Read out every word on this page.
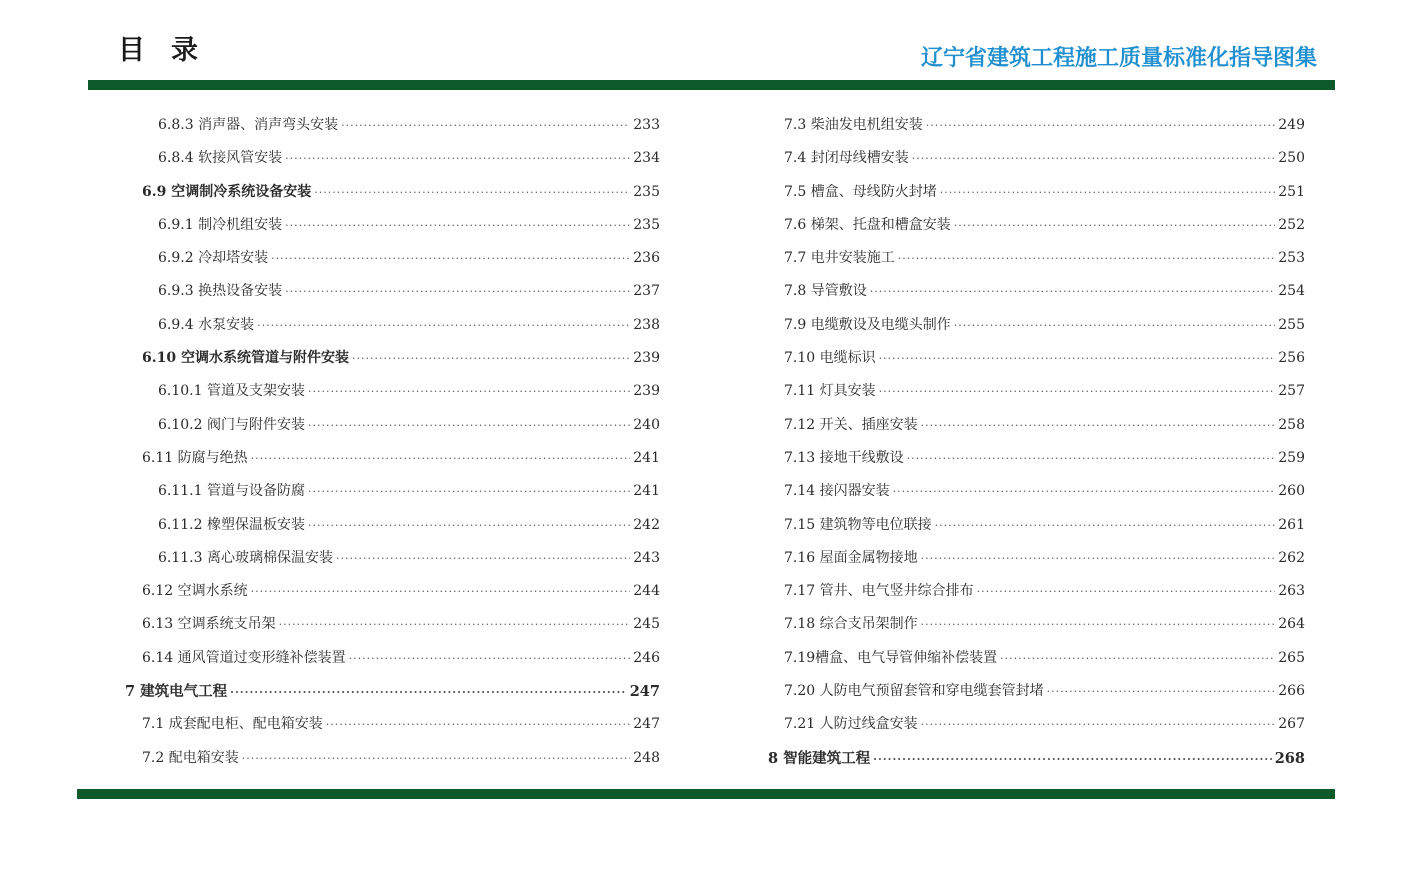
目录	辽宁省建筑工程施工质量标准化指导图集
6.8.3 消声器、消声弯头安装 ·····	233
6.8.4 软接风管安装 ·····	234
6.9 空调制冷系统设备安装 ·····	235
6.9.1 制冷机组安装 ·····	235
6.9.2 冷却塔安装 ·····	236
6.9.3 换热设备安装 ·····	237
6.9.4 水泵安装 ·····	238
6.10 空调水系统管道与附件安装 ·····	239
6.10.1 管道及支架安装 ·····	239
6.10.2 阀门与附件安装 ·····	240
6.11 防腐与绝热 ·····	241
6.11.1 管道与设备防腐 ·····	241
6.11.2 橡塑保温板安装 ·····	242
6.11.3 离心玻璃棉保温安装 ·····	243
6.12 空调水系统 ·····	244
6.13 空调系统支吊架 ·····	245
6.14 通风管道过变形缝补偿装置 ·····	246
7 建筑电气工程 ·····	247
7.1 成套配电柜、配电箱安装 ·····	247
7.2 配电箱安装 ·····	248
7.3 柴油发电机组安装 ·····	249
7.4 封闭母线槽安装 ·····	250
7.5 槽盒、母线防火封堵 ·····	251
7.6 梯架、托盘和槽盒安装 ·····	252
7.7 电井安装施工 ·····	253
7.8 导管敷设 ·····	254
7.9 电缆敷设及电缆头制作 ·····	255
7.10 电缆标识 ·····	256
7.11 灯具安装 ·····	257
7.12 开关、插座安装 ·····	258
7.13 接地干线敷设 ·····	259
7.14 接闪器安装 ·····	260
7.15 建筑物等电位联接 ·····	261
7.16 屋面金属物接地 ·····	262
7.17 管井、电气竖井综合排布 ·····	263
7.18 综合支吊架制作 ·····	264
7.19槽盒、电气导管伸缩补偿装置 ·····	265
7.20 人防电气预留套管和穿电缆套管封堵 ·····	266
7.21 人防过线盒安装 ·····	267
8 智能建筑工程 ·····	268
